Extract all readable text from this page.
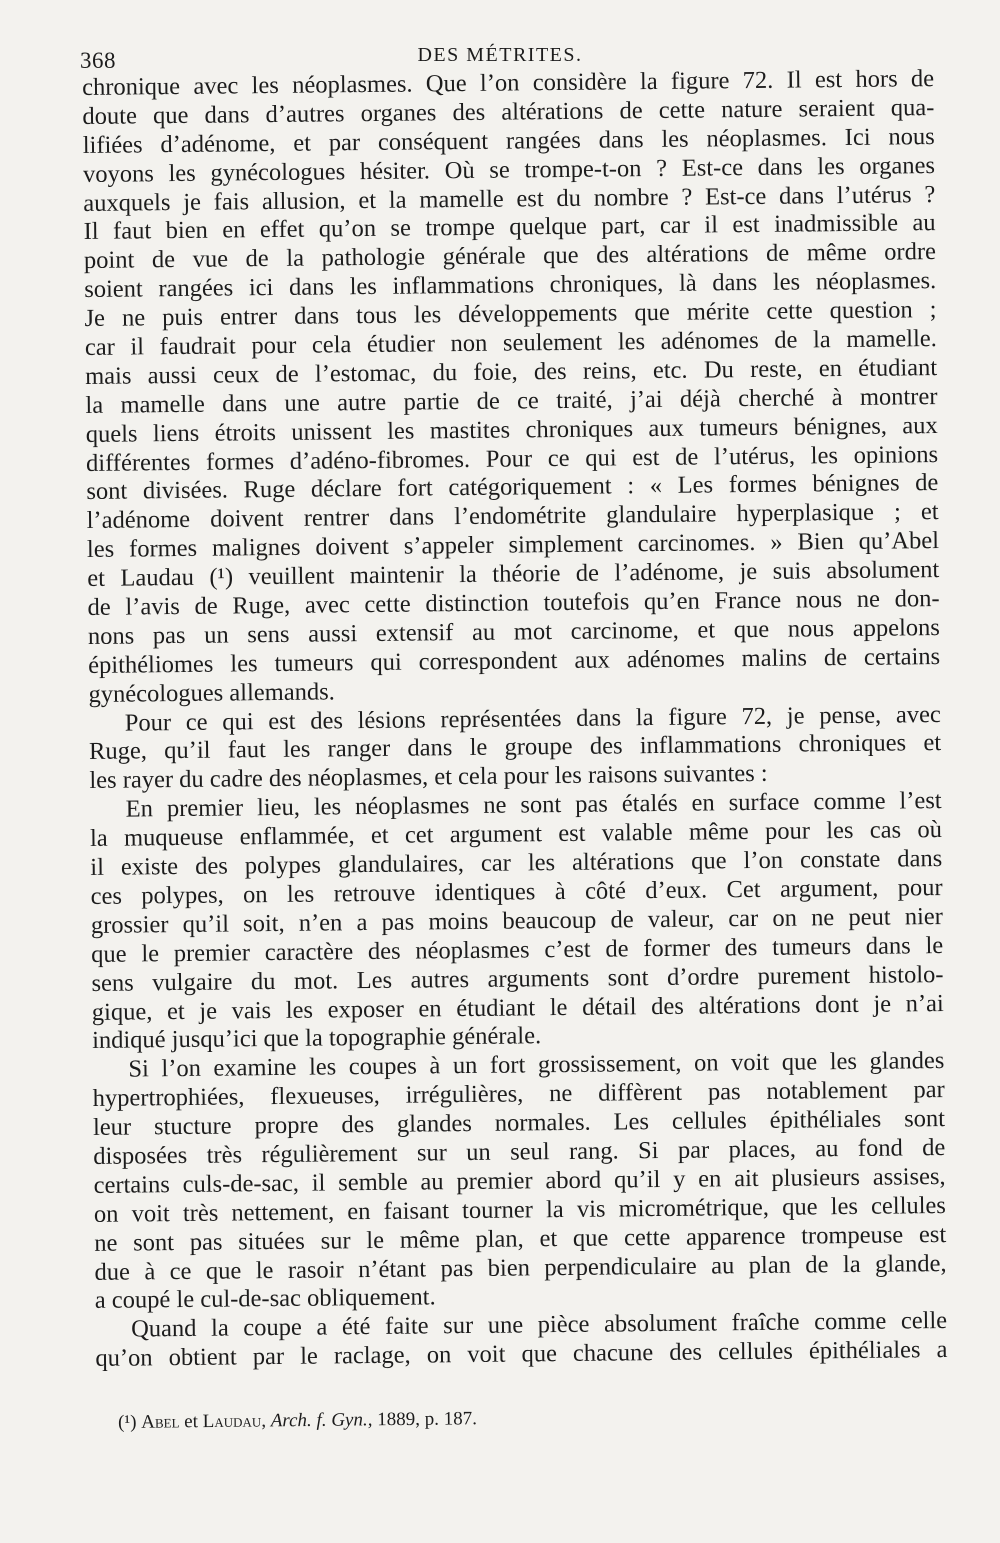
368	DES MÉTRITES.
chronique avec les néoplasmes. Que l’on considère la figure 72. Il est hors de
doute que dans d’autres organes des altérations de cette nature seraient qua-
lifiées d’adénome, et par conséquent rangées dans les néoplasmes. Ici nous
voyons les gynécologues hésiter. Où se trompe-t-on ? Est-ce dans les organes
auxquels je fais allusion, et la mamelle est du nombre ? Est-ce dans l’utérus ?
Il faut bien en effet qu’on se trompe quelque part, car il est inadmissible au
point de vue de la pathologie générale que des altérations de même ordre
soient rangées ici dans les inflammations chroniques, là dans les néoplasmes.
Je ne puis entrer dans tous les développements que mérite cette question ;
car il faudrait pour cela étudier non seulement les adénomes de la mamelle.
mais aussi ceux de l’estomac, du foie, des reins, etc. Du reste, en étudiant
la mamelle dans une autre partie de ce traité, j’ai déjà cherché à montrer
quels liens étroits unissent les mastites chroniques aux tumeurs bénignes, aux
différentes formes d’adéno-fibromes. Pour ce qui est de l’utérus, les opinions
sont divisées. Ruge déclare fort catégoriquement : « Les formes bénignes de
l’adénome doivent rentrer dans l’endométrite glandulaire hyperplasique ; et
les formes malignes doivent s’appeler simplement carcinomes. » Bien qu’Abel
et Laudau (¹) veuillent maintenir la théorie de l’adénome, je suis absolument
de l’avis de Ruge, avec cette distinction toutefois qu’en France nous ne don-
nons pas un sens aussi extensif au mot carcinome, et que nous appelons
épithéliomes les tumeurs qui correspondent aux adénomes malins de certains
gynécologues allemands.
Pour ce qui est des lésions représentées dans la figure 72, je pense, avec
Ruge, qu’il faut les ranger dans le groupe des inflammations chroniques et
les rayer du cadre des néoplasmes, et cela pour les raisons suivantes :
En premier lieu, les néoplasmes ne sont pas étalés en surface comme l’est
la muqueuse enflammée, et cet argument est valable même pour les cas où
il existe des polypes glandulaires, car les altérations que l’on constate dans
ces polypes, on les retrouve identiques à côté d’eux. Cet argument, pour
grossier qu’il soit, n’en a pas moins beaucoup de valeur, car on ne peut nier
que le premier caractère des néoplasmes c’est de former des tumeurs dans le
sens vulgaire du mot. Les autres arguments sont d’ordre purement histolo-
gique, et je vais les exposer en étudiant le détail des altérations dont je n’ai
indiqué jusqu’ici que la topographie générale.
Si l’on examine les coupes à un fort grossissement, on voit que les glandes
hypertrophiées, flexueuses, irrégulières, ne diffèrent pas notablement par
leur stucture propre des glandes normales. Les cellules épithéliales sont
disposées très régulièrement sur un seul rang. Si par places, au fond de
certains culs-de-sac, il semble au premier abord qu’il y en ait plusieurs assises,
on voit très nettement, en faisant tourner la vis micrométrique, que les cellules
ne sont pas situées sur le même plan, et que cette apparence trompeuse est
due à ce que le rasoir n’étant pas bien perpendiculaire au plan de la glande,
a coupé le cul-de-sac obliquement.
Quand la coupe a été faite sur une pièce absolument fraîche comme celle
qu’on obtient par le raclage, on voit que chacune des cellules épithéliales a
(¹) Abel et Laudau, Arch. f. Gyn., 1889, p. 187.
